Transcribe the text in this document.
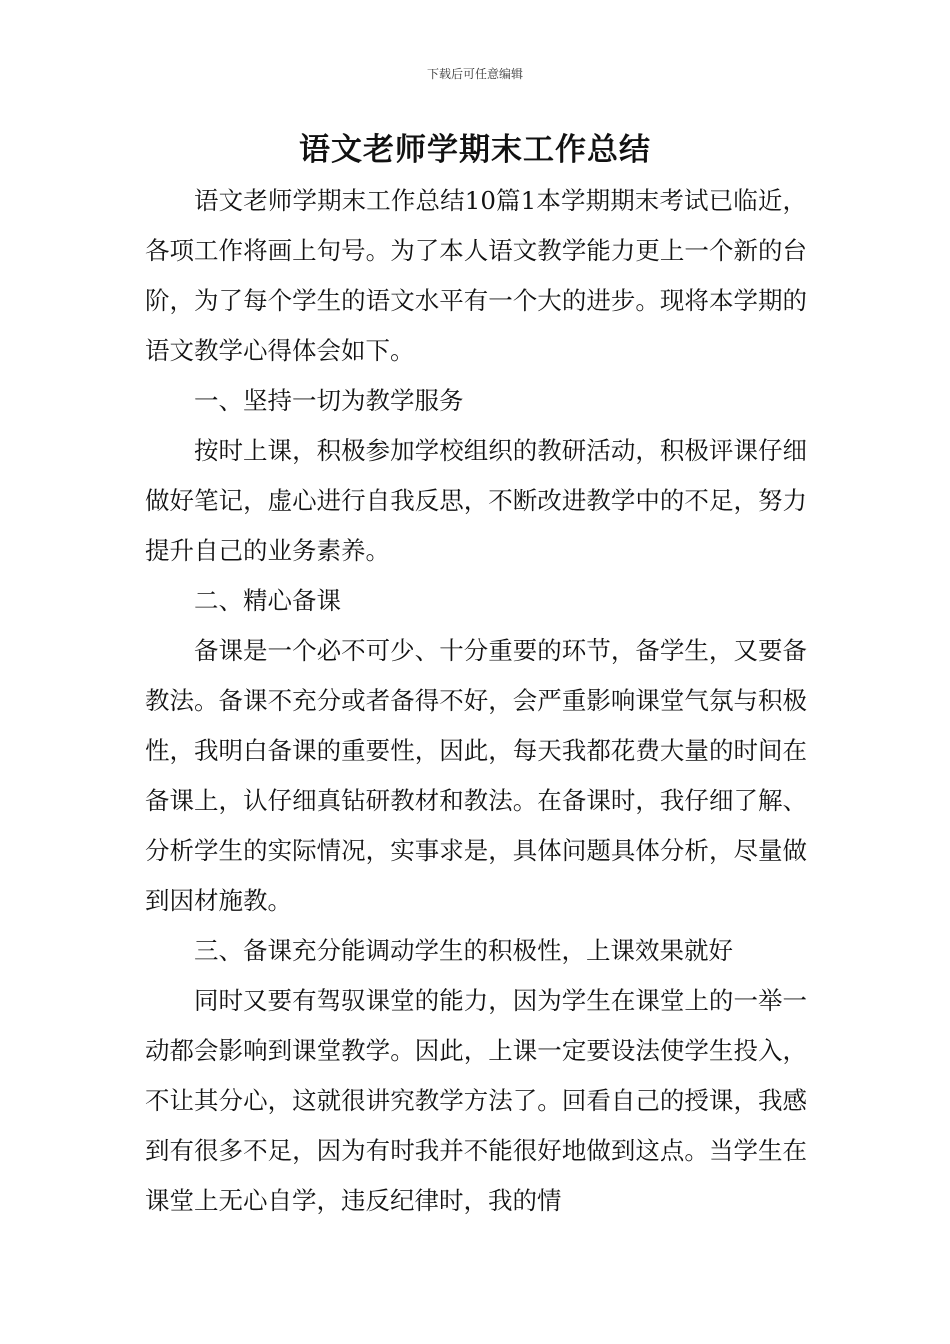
下载后可任意编辑
语文老师学期末工作总结

语文老师学期末工作总结10篇1本学期期末考试已临近，各项工作将画上句号。为了本人语文教学能力更上一个新的台阶，为了每个学生的语文水平有一个大的进步。现将本学期的语文教学心得体会如下。

一、坚持一切为教学服务

按时上课，积极参加学校组织的教研活动，积极评课仔细做好笔记，虚心进行自我反思，不断改进教学中的不足，努力提升自己的业务素养。

二、精心备课

备课是一个必不可少、十分重要的环节，备学生，又要备教法。备课不充分或者备得不好，会严重影响课堂气氛与积极性，我明白备课的重要性，因此，每天我都花费大量的时间在备课上，认仔细真钻研教材和教法。在备课时，我仔细了解、分析学生的实际情况，实事求是，具体问题具体分析，尽量做到因材施教。

三、备课充分能调动学生的积极性，上课效果就好

同时又要有驾驭课堂的能力，因为学生在课堂上的一举一动都会影响到课堂教学。因此，上课一定要设法使学生投入，不让其分心，这就很讲究教学方法了。回看自己的授课，我感到有很多不足，因为有时我并不能很好地做到这点。当学生在课堂上无心自学，违反纪律时，我的情
